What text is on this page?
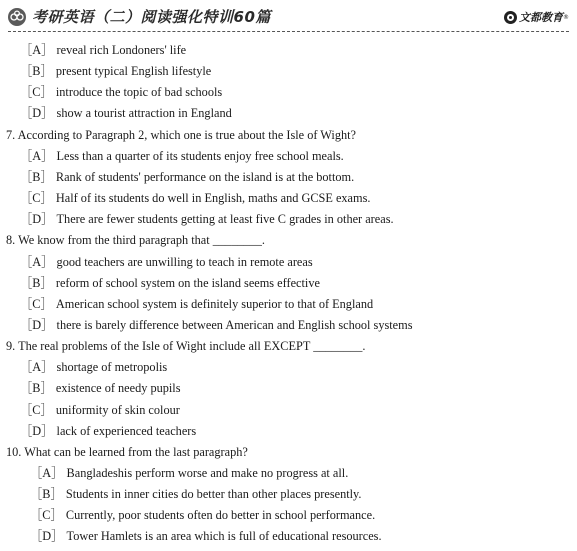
考研英语（二）阅读强化特训60篇	文都教育 ®
［A］ reveal rich Londoners' life
［B］ present typical English lifestyle
［C］ introduce the topic of bad schools
［D］ show a tourist attraction in England
7. According to Paragraph 2, which one is true about the Isle of Wight?
［A］ Less than a quarter of its students enjoy free school meals.
［B］ Rank of students' performance on the island is at the bottom.
［C］ Half of its students do well in English, maths and GCSE exams.
［D］ There are fewer students getting at least five C grades in other areas.
8. We know from the third paragraph that ________.
［A］ good teachers are unwilling to teach in remote areas
［B］ reform of school system on the island seems effective
［C］ American school system is definitely superior to that of England
［D］ there is barely difference between American and English school systems
9. The real problems of the Isle of Wight include all EXCEPT ________.
［A］ shortage of metropolis
［B］ existence of needy pupils
［C］ uniformity of skin colour
［D］ lack of experienced teachers
10. What can be learned from the last paragraph?
［A］ Bangladeshis perform worse and make no progress at all.
［B］ Students in inner cities do better than other places presently.
［C］ Currently, poor students often do better in school performance.
［D］ Tower Hamlets is an area which is full of educational resources.
